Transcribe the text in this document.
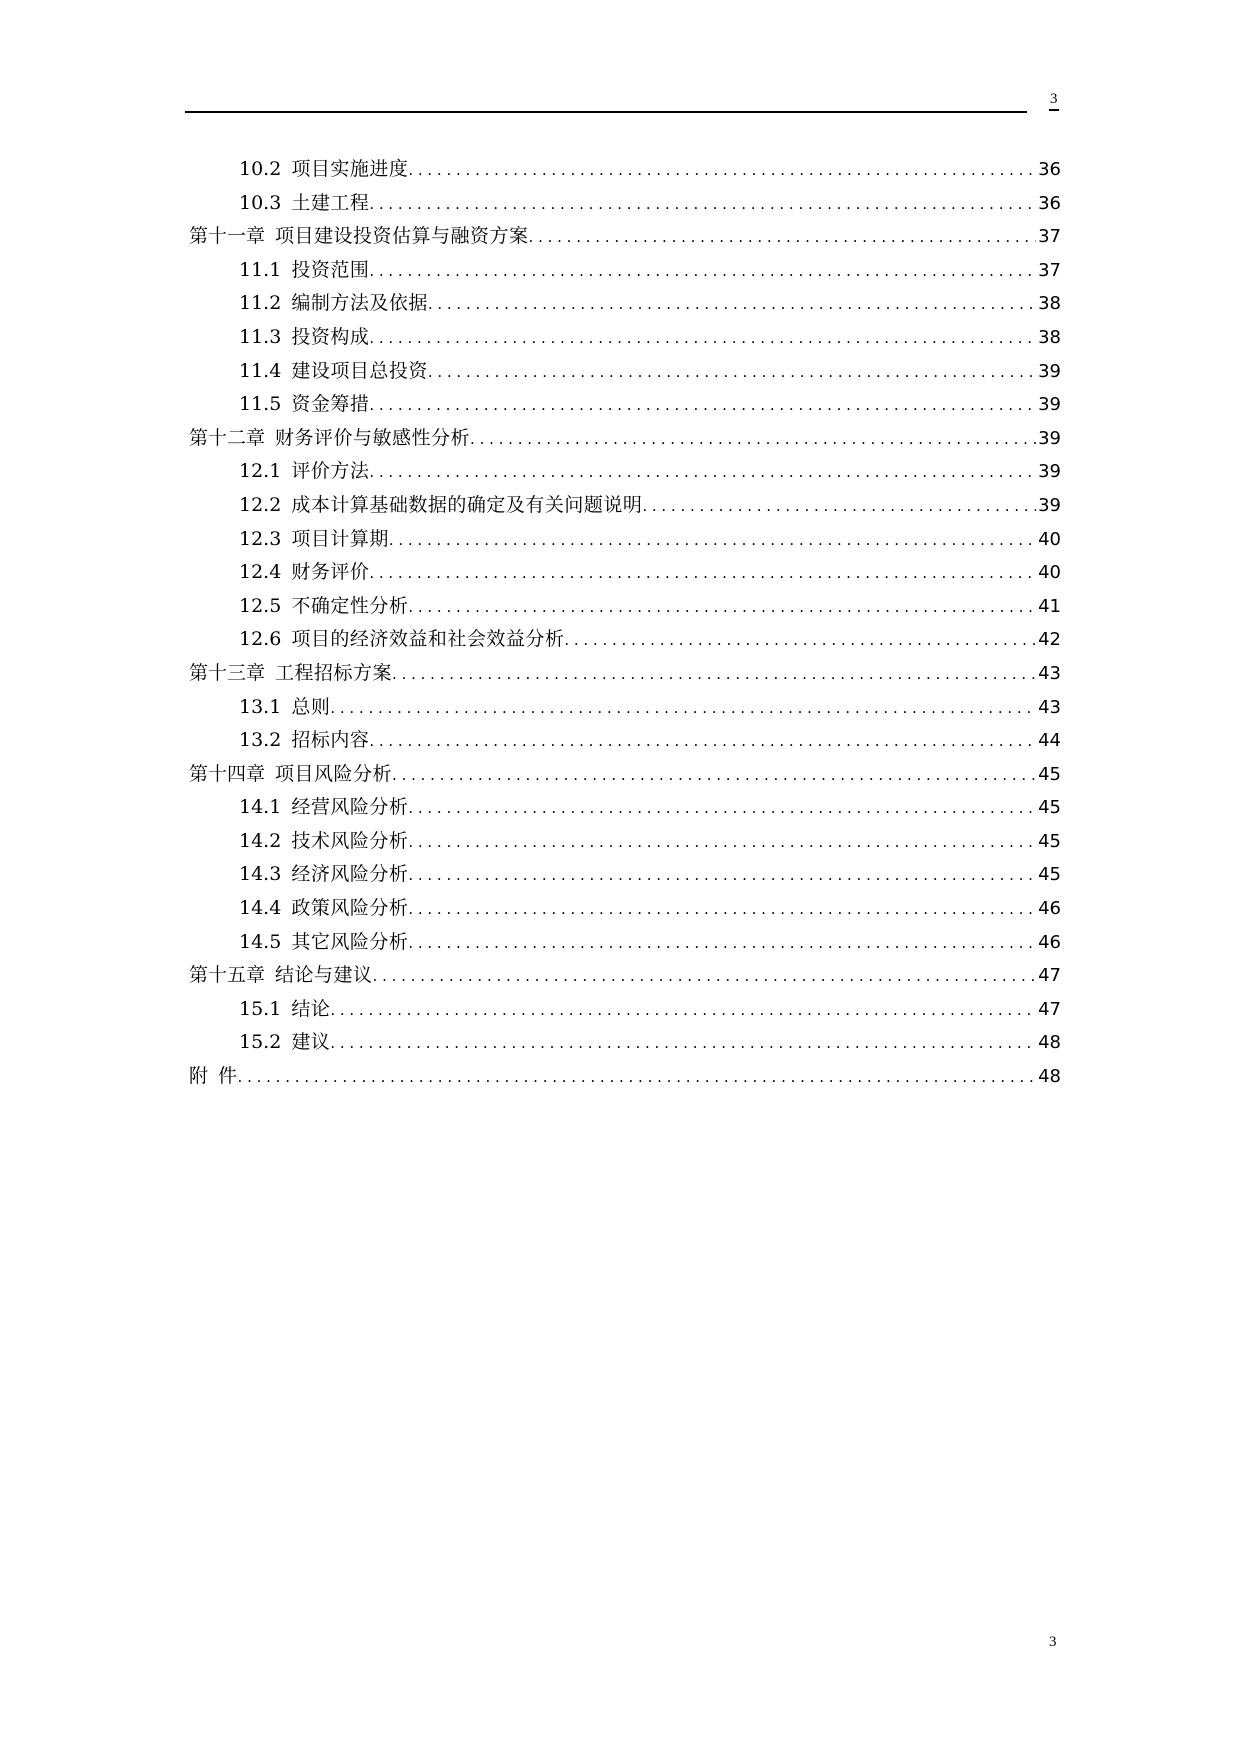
3
10.2 项目实施进度 . . .	36
10.3 土建工程 . . .	36
第十一章 项目建设投资估算与融资方案 . . .	37
11.1 投资范围 . . .	37
11.2 编制方法及依据 . . .	38
11.3 投资构成 . . .	38
11.4 建设项目总投资 . . .	39
11.5 资金筹措 . . .	39
第十二章 财务评价与敏感性分析 . . .	39
12.1 评价方法 . . .	39
12.2 成本计算基础数据的确定及有关问题说明 . . .	39
12.3 项目计算期 . . .	40
12.4 财务评价 . . .	40
12.5 不确定性分析 . . .	41
12.6 项目的经济效益和社会效益分析 . . .	42
第十三章 工程招标方案 . . .	43
13.1 总则 . . .	43
13.2 招标内容 . . .	44
第十四章 项目风险分析 . . .	45
14.1 经营风险分析 . . .	45
14.2 技术风险分析 . . .	45
14.3 经济风险分析 . . .	45
14.4 政策风险分析 . . .	46
14.5 其它风险分析 . . .	46
第十五章 结论与建议 . . .	47
15.1 结论 . . .	47
15.2 建议 . . .	48
附 件 . . .	48
3
